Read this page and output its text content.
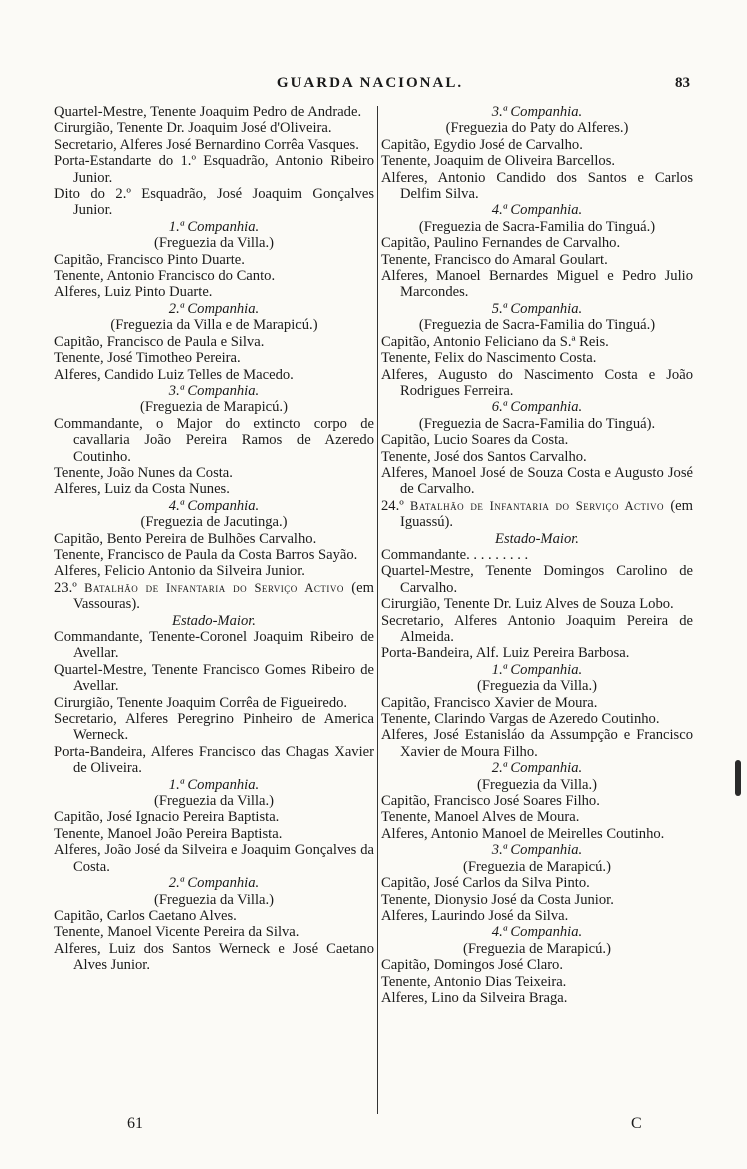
GUARDA NACIONAL.	83
Quartel-Mestre, Tenente Joaquim Pedro de Andrade.
Cirurgião, Tenente Dr. Joaquim José d'Oliveira.
Secretario, Alferes José Bernardino Corrêa Vasques.
Porta-Estandarte do 1.º Esquadrão, Antonio Ribeiro Junior.
Dito do 2.º Esquadrão, José Joaquim Gonçalves Junior.
1.ª Companhia.
(Freguezia da Villa.)
Capitão, Francisco Pinto Duarte.
Tenente, Antonio Francisco do Canto.
Alferes, Luiz Pinto Duarte.
2.ª Companhia.
(Freguezia da Villa e de Marapicú.)
Capitão, Francisco de Paula e Silva.
Tenente, José Timotheo Pereira.
Alferes, Candido Luiz Telles de Macedo.
3.ª Companhia.
(Freguezia de Marapicú.)
Commandante, o Major do extincto corpo de cavallaria João Pereira Ramos de Azeredo Coutinho.
Tenente, João Nunes da Costa.
Alferes, Luiz da Costa Nunes.
4.ª Companhia.
(Freguezia de Jacutinga.)
Capitão, Bento Pereira de Bulhões Carvalho.
Tenente, Francisco de Paula da Costa Barros Sayão.
Alferes, Felicio Antonio da Silveira Junior.
23.º Batalhão de Infantaria do Serviço Activo (em Vassouras).
Estado-Maior.
Commandante, Tenente-Coronel Joaquim Ribeiro de Avellar.
Quartel-Mestre, Tenente Francisco Gomes Ribeiro de Avellar.
Cirurgião, Tenente Joaquim Corrêa de Figueiredo.
Secretario, Alferes Peregrino Pinheiro de America Werneck.
Porta-Bandeira, Alferes Francisco das Chagas Xavier de Oliveira.
1.ª Companhia.
(Freguezia da Villa.)
Capitão, José Ignacio Pereira Baptista.
Tenente, Manoel João Pereira Baptista.
Alferes, João José da Silveira e Joaquim Gonçalves da Costa.
2.ª Companhia.
(Freguezia da Villa.)
Capitão, Carlos Caetano Alves.
Tenente, Manoel Vicente Pereira da Silva.
Alferes, Luiz dos Santos Werneck e José Caetano Alves Junior.
3.ª Companhia.
(Freguezia do Paty do Alferes.)
Capitão, Egydio José de Carvalho.
Tenente, Joaquim de Oliveira Barcellos.
Alferes, Antonio Candido dos Santos e Carlos Delfim Silva.
4.ª Companhia.
(Freguezia de Sacra-Familia do Tinguá.)
Capitão, Paulino Fernandes de Carvalho.
Tenente, Francisco do Amaral Goulart.
Alferes, Manoel Bernardes Miguel e Pedro Julio Marcondes.
5.ª Companhia.
(Freguezia de Sacra-Familia do Tinguá.)
Capitão, Antonio Feliciano da S.ª Reis.
Tenente, Felix do Nascimento Costa.
Alferes, Augusto do Nascimento Costa e João Rodrigues Ferreira.
6.ª Companhia.
(Freguezia de Sacra-Familia do Tinguá).
Capitão, Lucio Soares da Costa.
Tenente, José dos Santos Carvalho.
Alferes, Manoel José de Souza Costa e Augusto José de Carvalho.
24.º Batalhão de Infantaria do Serviço Activo (em Iguassú).
Estado-Maior.
Commandante. . . . . . . . .
Quartel-Mestre, Tenente Domingos Carolino de Carvalho.
Cirurgião, Tenente Dr. Luiz Alves de Souza Lobo.
Secretario, Alferes Antonio Joaquim Pereira de Almeida.
Porta-Bandeira, Alf. Luiz Pereira Barbosa.
1.ª Companhia.
(Freguezia da Villa.)
Capitão, Francisco Xavier de Moura.
Tenente, Clarindo Vargas de Azeredo Coutinho.
Alferes, José Estanisláo da Assumpção e Francisco Xavier de Moura Filho.
2.ª Companhia.
(Freguezia da Villa.)
Capitão, Francisco José Soares Filho.
Tenente, Manoel Alves de Moura.
Alferes, Antonio Manoel de Meirelles Coutinho.
3.ª Companhia.
(Freguezia de Marapicú.)
Capitão, José Carlos da Silva Pinto.
Tenente, Dionysio José da Costa Junior.
Alferes, Laurindo José da Silva.
4.ª Companhia.
(Freguezia de Marapicú.)
Capitão, Domingos José Claro.
Tenente, Antonio Dias Teixeira.
Alferes, Lino da Silveira Braga.
61	C
